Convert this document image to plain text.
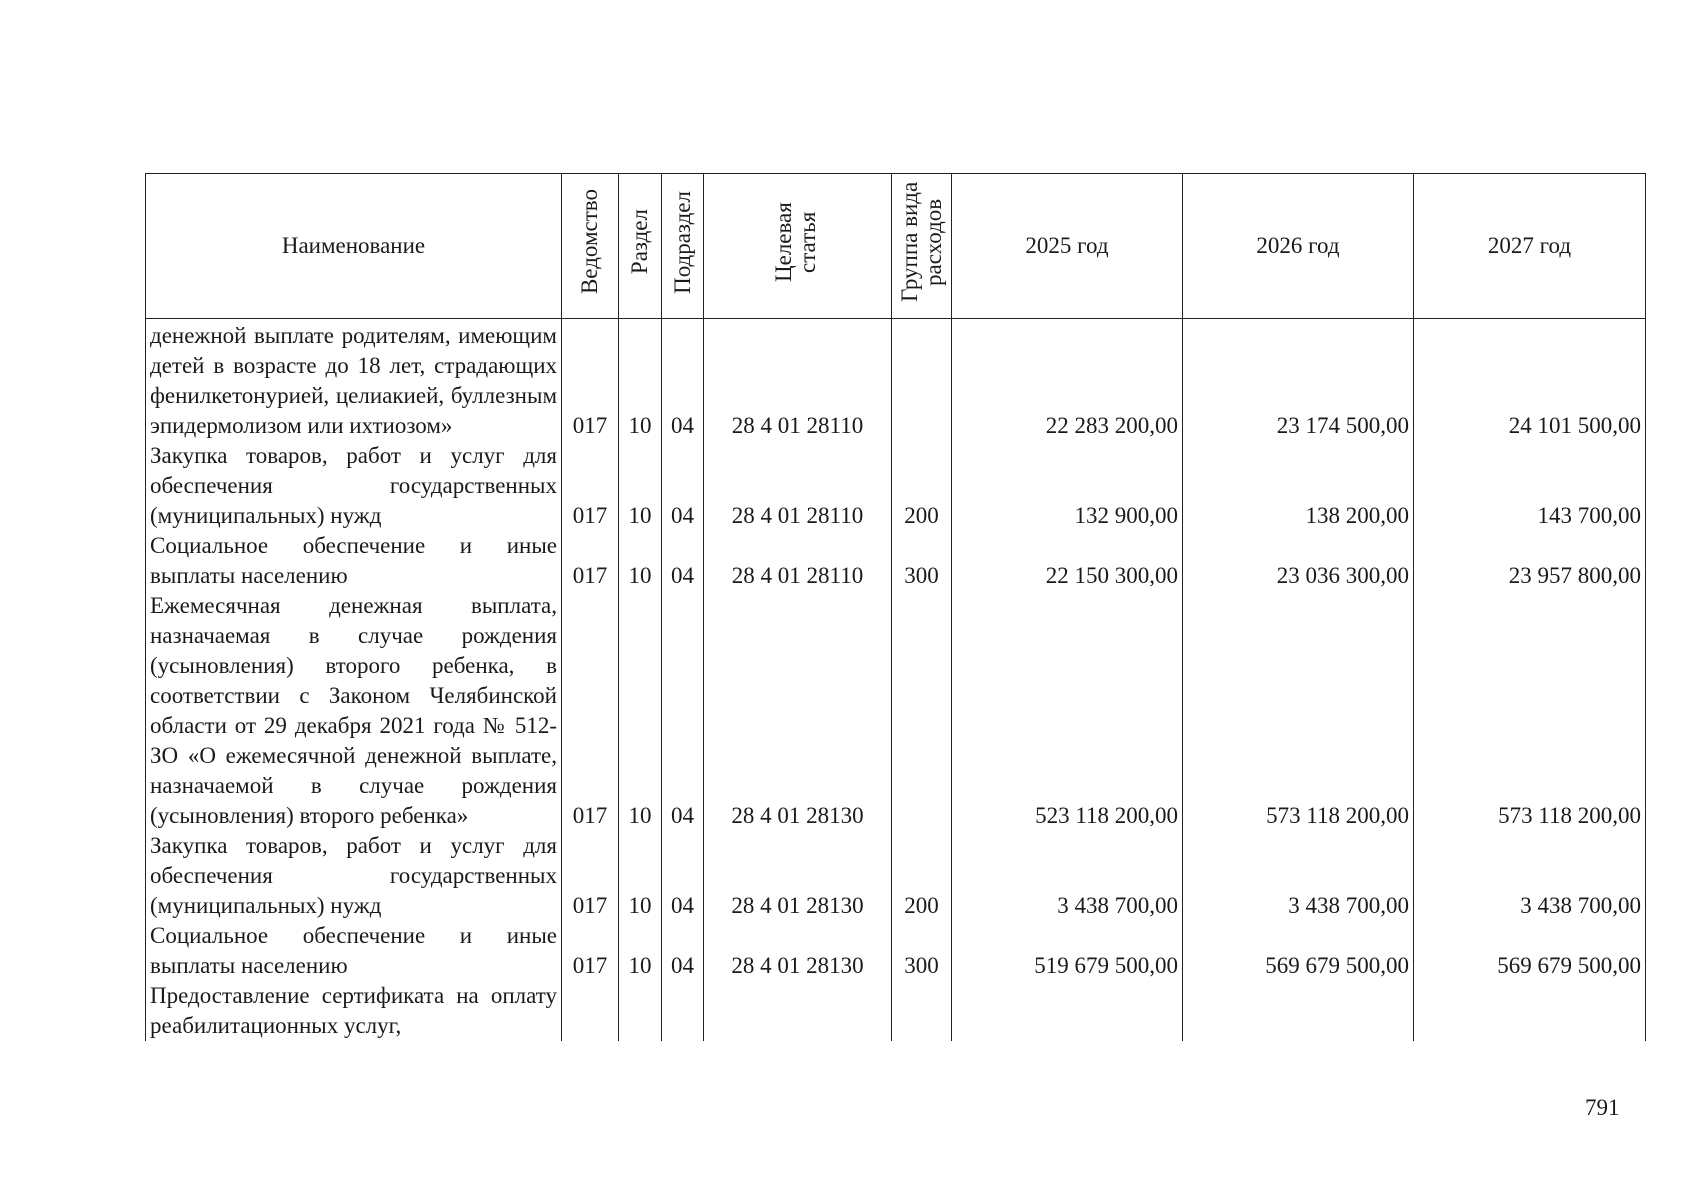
Наименование	Ведомство	Раздел	Подраздел	Целевая статья	Группа вида расходов	2025 год	2026 год	2027 год
денежной выплате родителям, имеющим детей в возрасте до 18 лет, страдающих фенилкетонурией, целиакией, буллезным эпидермолизом или ихтиозом»	017	10	04	28 4 01 28110		22 283 200,00	23 174 500,00	24 101 500,00
Закупка товаров, работ и услуг для обеспечения государственных (муниципальных) нужд	017	10	04	28 4 01 28110	200	132 900,00	138 200,00	143 700,00
Социальное обеспечение и иные выплаты населению	017	10	04	28 4 01 28110	300	22 150 300,00	23 036 300,00	23 957 800,00
Ежемесячная денежная выплата, назначаемая в случае рождения (усыновления) второго ребенка, в соответствии с Законом Челябинской области от 29 декабря 2021 года № 512-ЗО «О ежемесячной денежной выплате, назначаемой в случае рождения (усыновления) второго ребенка»	017	10	04	28 4 01 28130		523 118 200,00	573 118 200,00	573 118 200,00
Закупка товаров, работ и услуг для обеспечения государственных (муниципальных) нужд	017	10	04	28 4 01 28130	200	3 438 700,00	3 438 700,00	3 438 700,00
Социальное обеспечение и иные выплаты населению	017	10	04	28 4 01 28130	300	519 679 500,00	569 679 500,00	569 679 500,00
Предоставление сертификата на оплату реабилитационных услуг,								
791
